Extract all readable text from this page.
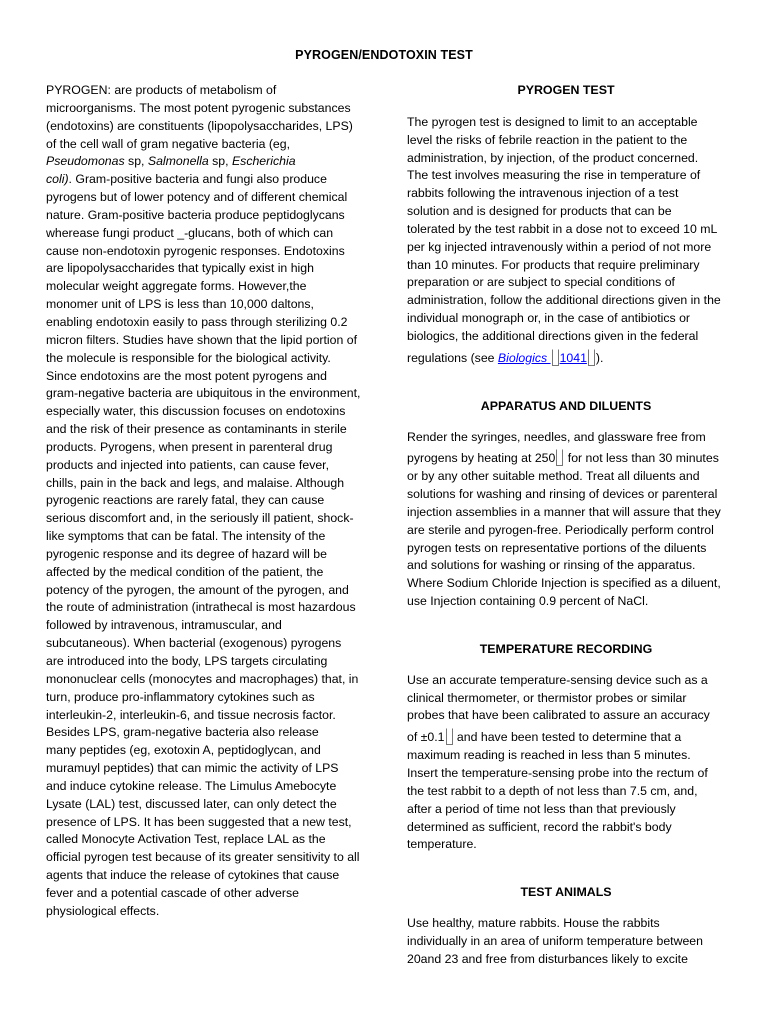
PYROGEN/ENDOTOXIN TEST
PYROGEN: are products of metabolism of
microorganisms. The most potent pyrogenic substances
(endotoxins) are constituents (lipopolysaccharides, LPS)
of the cell wall of gram negative bacteria (eg,
Pseudomonas sp, Salmonella sp, Escherichia
coli). Gram-positive bacteria and fungi also produce
pyrogens but of lower potency and of different chemical
nature. Gram-positive bacteria produce peptidoglycans
wherease fungi product _-glucans, both of which can
cause non-endotoxin pyrogenic responses. Endotoxins
are lipopolysaccharides that typically exist in high
molecular weight aggregate forms. However,the
monomer unit of LPS is less than 10,000 daltons,
enabling endotoxin easily to pass through sterilizing 0.2
micron filters. Studies have shown that the lipid portion of
the molecule is responsible for the biological activity.
Since endotoxins are the most potent pyrogens and
gram-negative bacteria are ubiquitous in the environment,
especially water, this discussion focuses on endotoxins
and the risk of their presence as contaminants in sterile
products. Pyrogens, when present in parenteral drug
products and injected into patients, can cause fever,
chills, pain in the back and legs, and malaise. Although
pyrogenic reactions are rarely fatal, they can cause
serious discomfort and, in the seriously ill patient, shock-
like symptoms that can be fatal. The intensity of the
pyrogenic response and its degree of hazard will be
affected by the medical condition of the patient, the
potency of the pyrogen, the amount of the pyrogen, and
the route of administration (intrathecal is most hazardous
followed by intravenous, intramuscular, and
subcutaneous). When bacterial (exogenous) pyrogens
are introduced into the body, LPS targets circulating
mononuclear cells (monocytes and macrophages) that, in
turn, produce pro-inflammatory cytokines such as
interleukin-2, interleukin-6, and tissue necrosis factor.
Besides LPS, gram-negative bacteria also release
many peptides (eg, exotoxin A, peptidoglycan, and
muramuyl peptides) that can mimic the activity of LPS
and induce cytokine release. The Limulus Amebocyte
Lysate (LAL) test, discussed later, can only detect the
presence of LPS. It has been suggested that a new test,
called Monocyte Activation Test, replace LAL as the
official pyrogen test because of its greater sensitivity to all
agents that induce the release of cytokines that cause
fever and a potential cascade of other adverse
physiological effects.
PYROGEN TEST
The pyrogen test is designed to limit to an acceptable
level the risks of febrile reaction in the patient to the
administration, by injection, of the product concerned.
The test involves measuring the rise in temperature of
rabbits following the intravenous injection of a test
solution and is designed for products that can be
tolerated by the test rabbit in a dose not to exceed 10 mL
per kg injected intravenously within a period of not more
than 10 minutes. For products that require preliminary
preparation or are subject to special conditions of
administration, follow the additional directions given in the
individual monograph or, in the case of antibiotics or
biologics, the additional directions given in the federal
regulations (see Biologics 1041 ).
APPARATUS AND DILUENTS
Render the syringes, needles, and glassware free from
pyrogens by heating at 250 for not less than 30 minutes
or by any other suitable method. Treat all diluents and
solutions for washing and rinsing of devices or parenteral
injection assemblies in a manner that will assure that they
are sterile and pyrogen-free. Periodically perform control
pyrogen tests on representative portions of the diluents
and solutions for washing or rinsing of the apparatus.
Where Sodium Chloride Injection is specified as a diluent,
use Injection containing 0.9 percent of NaCl.
TEMPERATURE RECORDING
Use an accurate temperature-sensing device such as a
clinical thermometer, or thermistor probes or similar
probes that have been calibrated to assure an accuracy
of ±0.1 and have been tested to determine that a
maximum reading is reached in less than 5 minutes.
Insert the temperature-sensing probe into the rectum of
the test rabbit to a depth of not less than 7.5 cm, and,
after a period of time not less than that previously
determined as sufficient, record the rabbit's body
temperature.
TEST ANIMALS
Use healthy, mature rabbits. House the rabbits
individually in an area of uniform temperature between
20and 23 and free from disturbances likely to excite
